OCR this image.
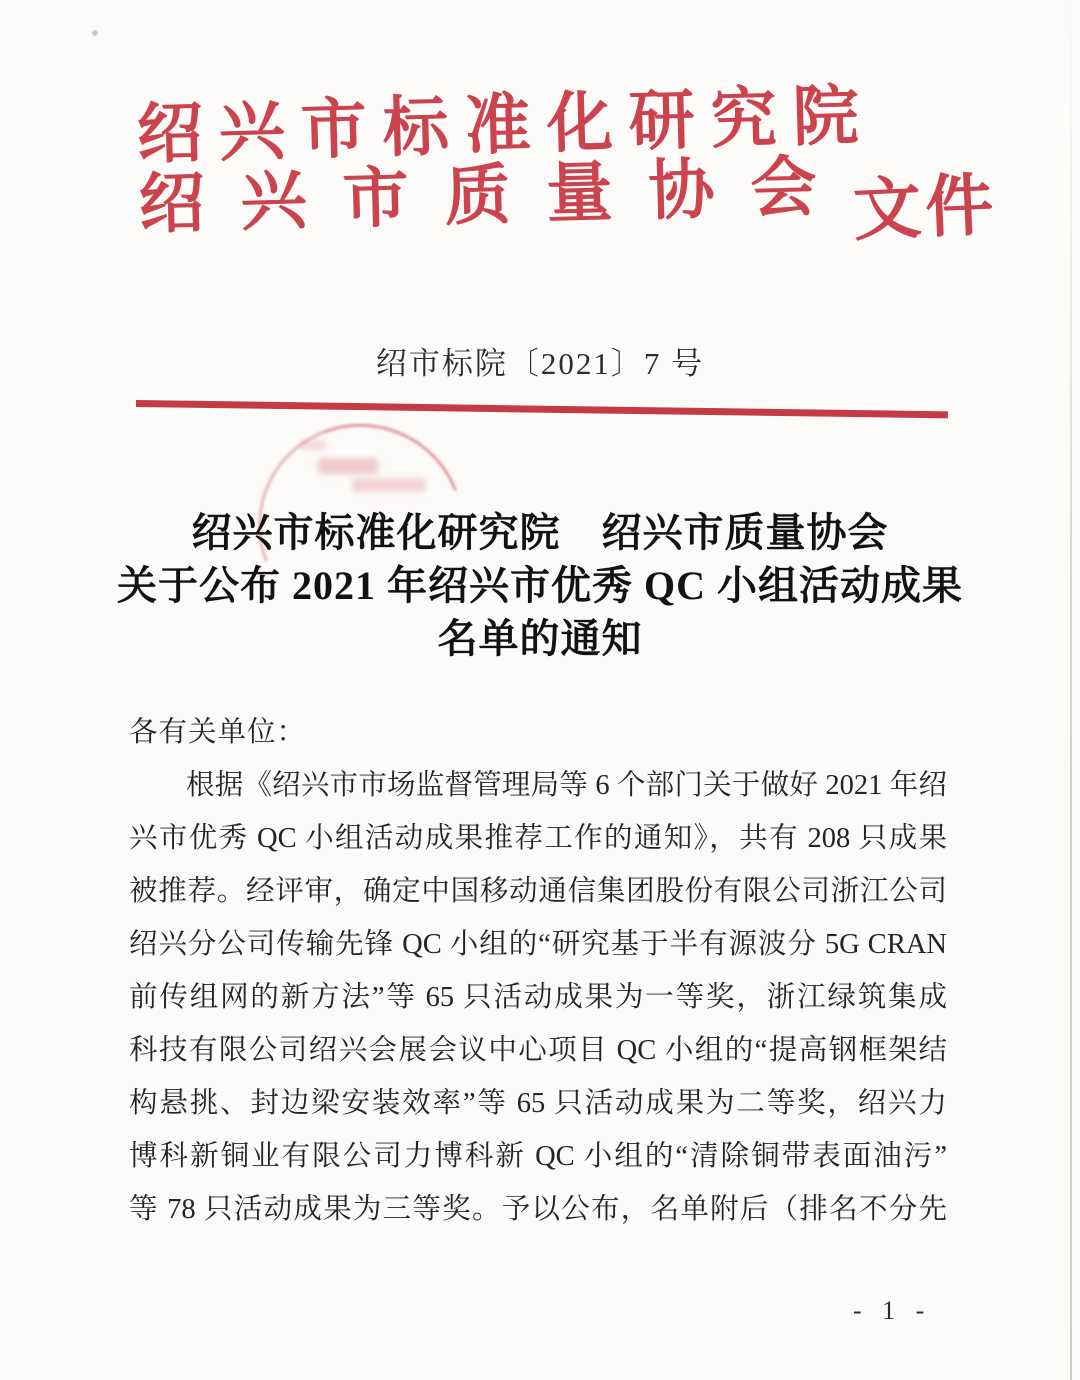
绍兴市标准化研究院
绍兴市质量协会
文件
绍市标院〔2021〕7 号
绍兴市标准化研究院　绍兴市质量协会
关于公布 2021 年绍兴市优秀 QC 小组活动成果
名单的通知
各有关单位：
根据《绍兴市市场监督管理局等 6 个部门关于做好 2021 年绍
兴市优秀 QC 小组活动成果推荐工作的通知》，共有 208 只成果
被推荐。经评审，确定中国移动通信集团股份有限公司浙江公司
绍兴分公司传输先锋 QC 小组的“研究基于半有源波分 5G CRAN
前传组网的新方法”等 65 只活动成果为一等奖，浙江绿筑集成
科技有限公司绍兴会展会议中心项目 QC 小组的“提高钢框架结
构悬挑、封边梁安装效率”等 65 只活动成果为二等奖，绍兴力
博科新铜业有限公司力博科新 QC 小组的“清除铜带表面油污”
等 78 只活动成果为三等奖。予以公布，名单附后（排名不分先
- 1 -
